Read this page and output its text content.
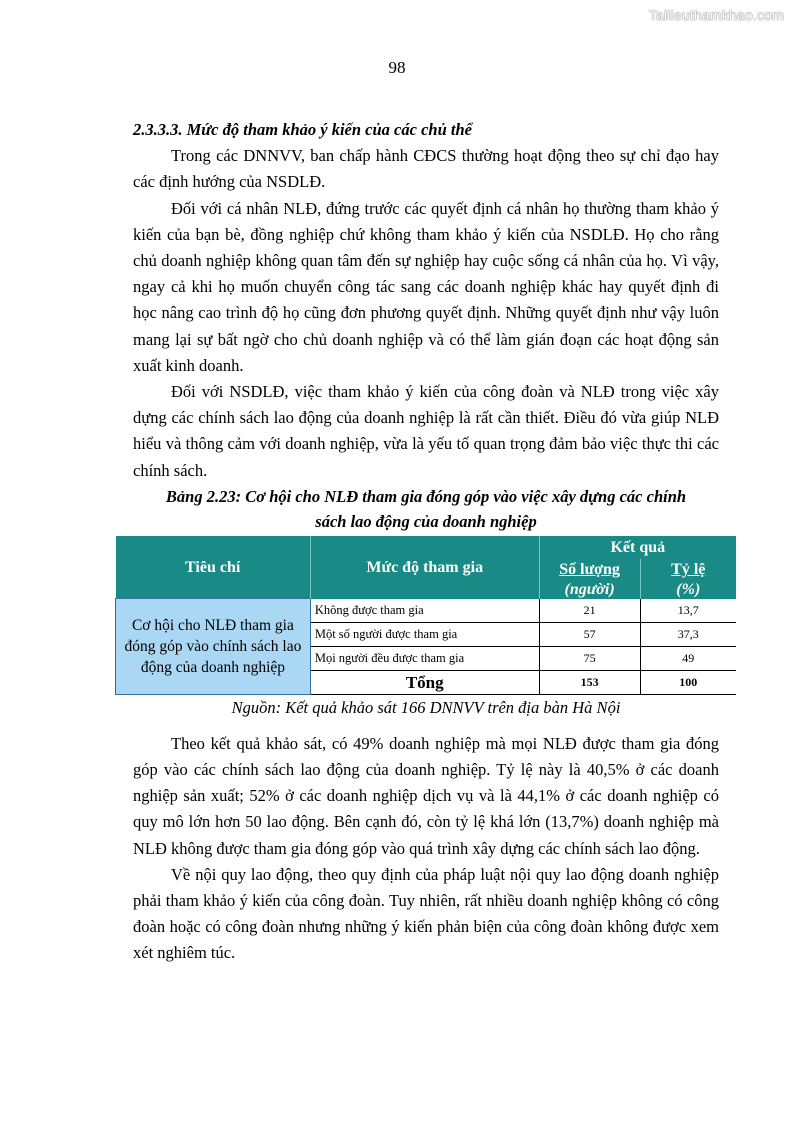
Tailieuthamkhao.com
98

2.3.3.3. Mức độ tham khảo ý kiến của các chủ thể

Trong các DNNVV, ban chấp hành CĐCS thường hoạt động theo sự chỉ đạo hay các định hướng của NSDLĐ.

Đối với cá nhân NLĐ, đứng trước các quyết định cá nhân họ thường tham khảo ý kiến của bạn bè, đồng nghiệp chứ không tham khảo ý kiến của NSDLĐ. Họ cho rằng chủ doanh nghiệp không quan tâm đến sự nghiệp hay cuộc sống cá nhân của họ. Vì vậy, ngay cả khi họ muốn chuyển công tác sang các doanh nghiệp khác hay quyết định đi học nâng cao trình độ họ cũng đơn phương quyết định. Những quyết định như vậy luôn mang lại sự bất ngờ cho chủ doanh nghiệp và có thể làm gián đoạn các hoạt động sản xuất kinh doanh.

Đối với NSDLĐ, việc tham khảo ý kiến của công đoàn và NLĐ trong việc xây dựng các chính sách lao động của doanh nghiệp là rất cần thiết. Điều đó vừa giúp NLĐ hiểu và thông cảm với doanh nghiệp, vừa là yếu tố quan trọng đảm bảo việc thực thi các chính sách.

Bảng 2.23: Cơ hội cho NLĐ tham gia đóng góp vào việc xây dựng các chính sách lao động của doanh nghiệp

Tiêu chí	Mức độ tham gia	Kết quả	
		Số lượng	Tỷ lệ
		(người)	(%)
Cơ hội cho NLĐ tham gia đóng góp vào chính sách lao động của doanh nghiệp	Không được tham gia	21	13,7
	Một số người được tham gia	57	37,3
	Mọi người đều được tham gia	75	49
	Tổng	153	100

Nguồn: Kết quả khảo sát 166 DNNVV trên địa bàn Hà Nội

Theo kết quả khảo sát, có 49% doanh nghiệp mà mọi NLĐ được tham gia đóng góp vào các chính sách lao động của doanh nghiệp. Tỷ lệ này là 40,5% ở các doanh nghiệp sản xuất; 52% ở các doanh nghiệp dịch vụ và là 44,1% ở các doanh nghiệp có quy mô lớn hơn 50 lao động. Bên cạnh đó, còn tỷ lệ khá lớn (13,7%) doanh nghiệp mà NLĐ không được tham gia đóng góp vào quá trình xây dựng các chính sách lao động.

Về nội quy lao động, theo quy định của pháp luật nội quy lao động doanh nghiệp phải tham khảo ý kiến của công đoàn. Tuy nhiên, rất nhiều doanh nghiệp không có công đoàn hoặc có công đoàn nhưng những ý kiến phản biện của công đoàn không được xem xét nghiêm túc.
